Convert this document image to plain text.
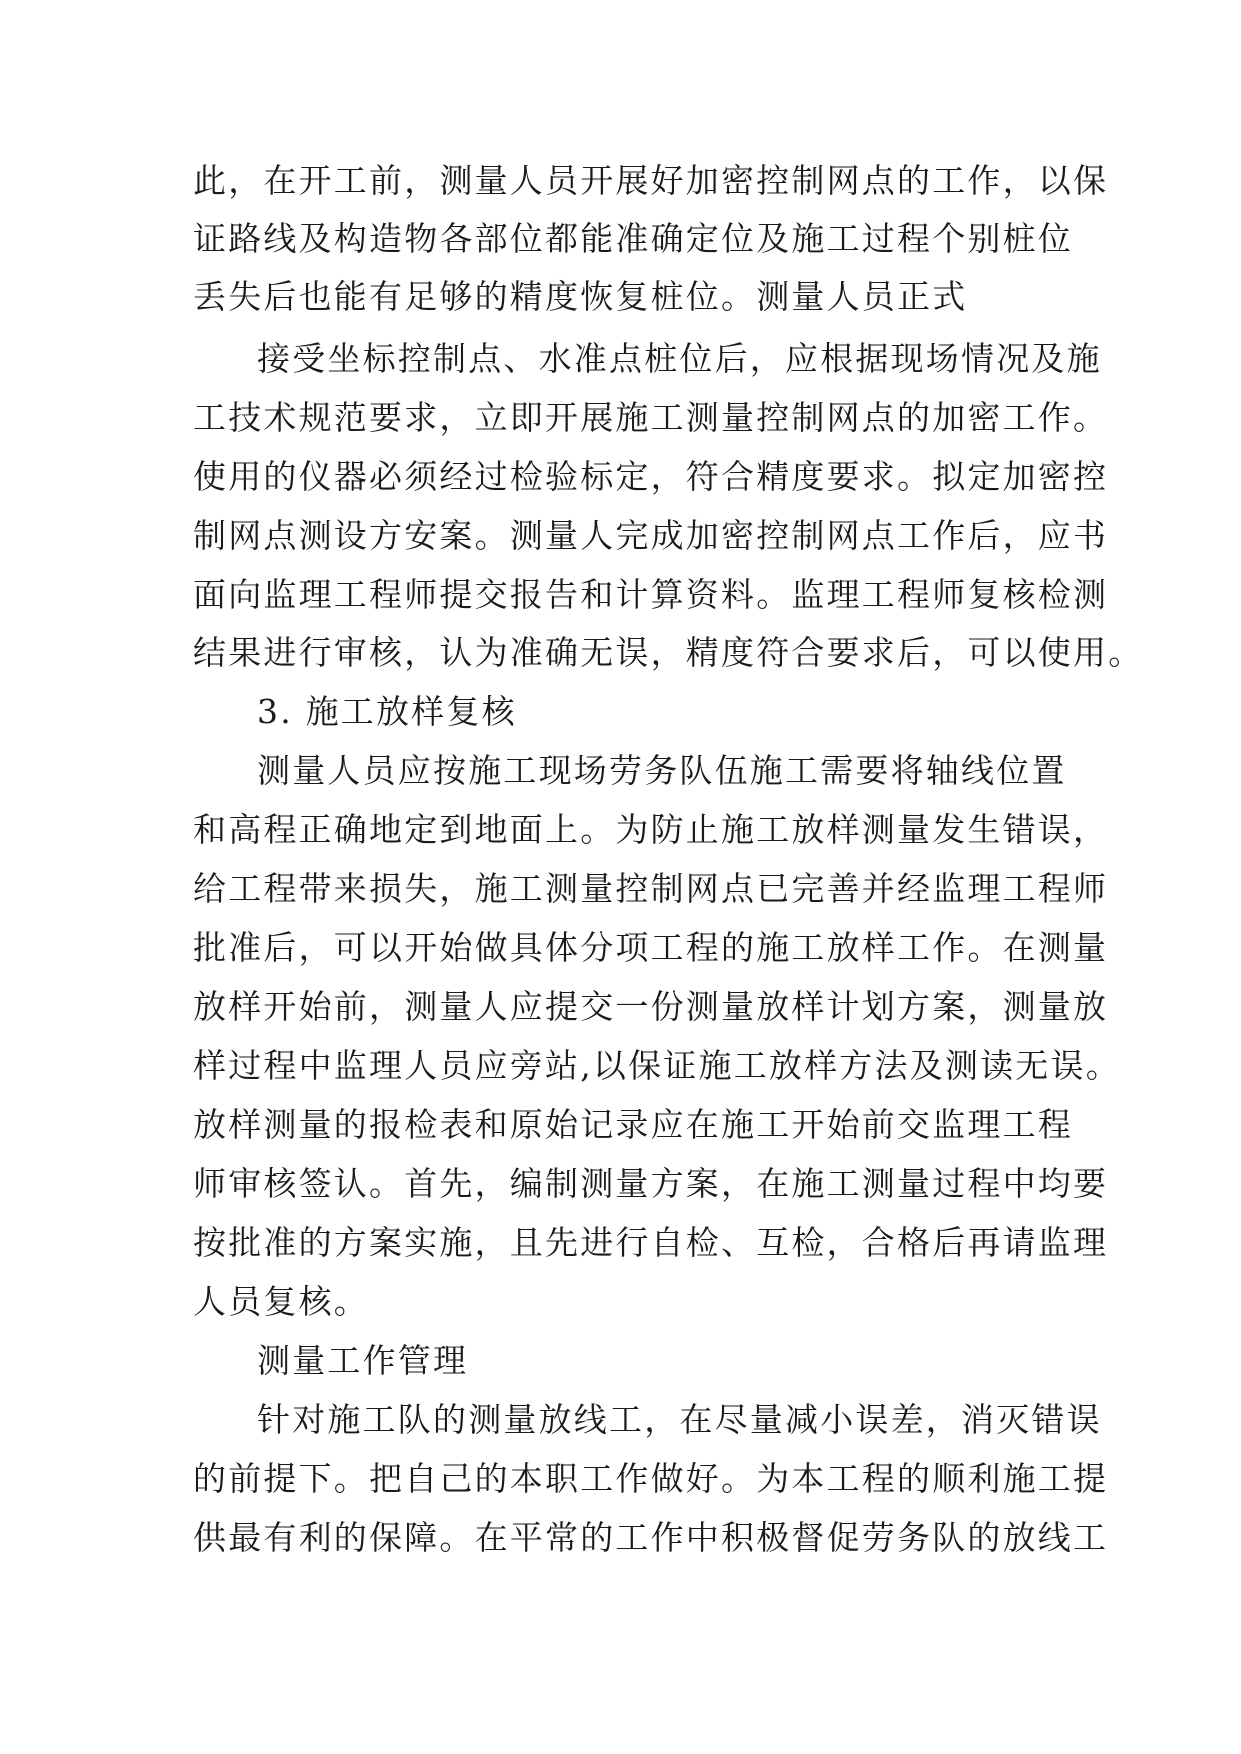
此，在开工前，测量人员开展好加密控制网点的工作，以保
证路线及构造物各部位都能准确定位及施工过程个别桩位
丢失后也能有足够的精度恢复桩位。测量人员正式
接受坐标控制点、水准点桩位后，应根据现场情况及施
工技术规范要求，立即开展施工测量控制网点的加密工作。
使用的仪器必须经过检验标定，符合精度要求。拟定加密控
制网点测设方安案。测量人完成加密控制网点工作后，应书
面向监理工程师提交报告和计算资料。监理工程师复核检测
结果进行审核，认为准确无误，精度符合要求后，可以使用。
3. 施工放样复核
测量人员应按施工现场劳务队伍施工需要将轴线位置
和高程正确地定到地面上。为防止施工放样测量发生错误，
给工程带来损失，施工测量控制网点已完善并经监理工程师
批准后，可以开始做具体分项工程的施工放样工作。在测量
放样开始前，测量人应提交一份测量放样计划方案，测量放
样过程中监理人员应旁站,以保证施工放样方法及测读无误。
放样测量的报检表和原始记录应在施工开始前交监理工程
师审核签认。首先，编制测量方案，在施工测量过程中均要
按批准的方案实施，且先进行自检、互检，合格后再请监理
人员复核。
测量工作管理
针对施工队的测量放线工，在尽量减小误差，消灭错误
的前提下。把自己的本职工作做好。为本工程的顺利施工提
供最有利的保障。在平常的工作中积极督促劳务队的放线工
